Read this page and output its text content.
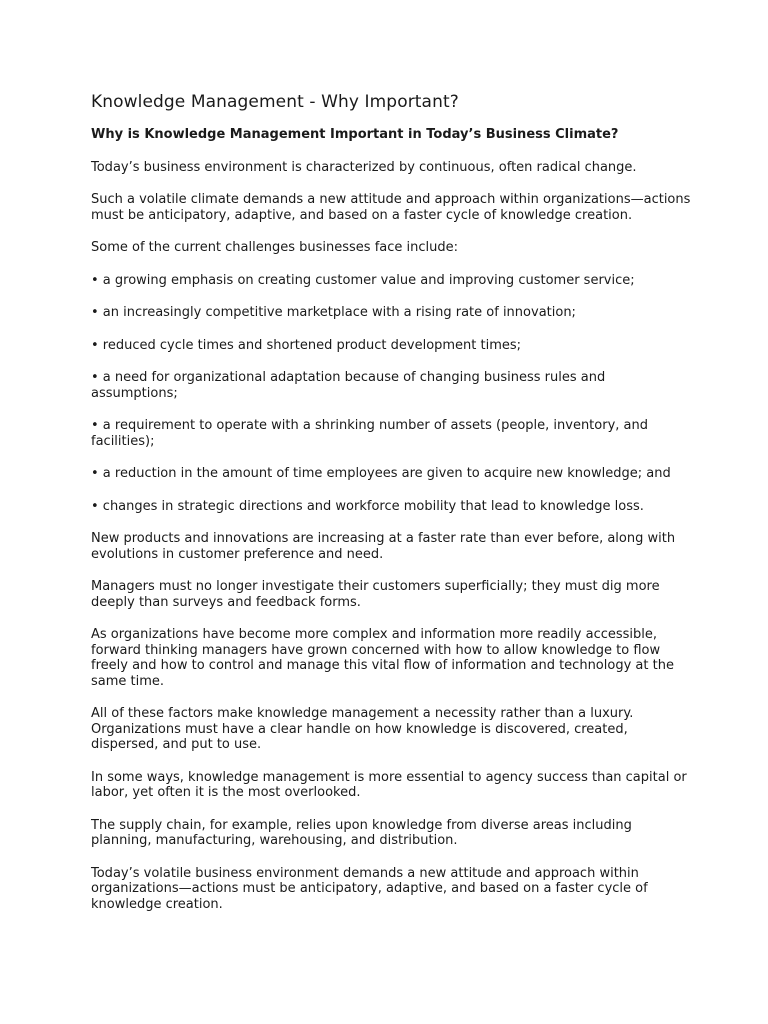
Knowledge Management - Why Important?

Why is Knowledge Management Important in Today’s Business Climate?

Today’s business environment is characterized by continuous, often radical change.

Such a volatile climate demands a new attitude and approach within organizations—actions must be anticipatory, adaptive, and based on a faster cycle of knowledge creation.

Some of the current challenges businesses face include:

• a growing emphasis on creating customer value and improving customer service;

• an increasingly competitive marketplace with a rising rate of innovation;

• reduced cycle times and shortened product development times;

• a need for organizational adaptation because of changing business rules and assumptions;

• a requirement to operate with a shrinking number of assets (people, inventory, and facilities);

• a reduction in the amount of time employees are given to acquire new knowledge; and

• changes in strategic directions and workforce mobility that lead to knowledge loss.

New products and innovations are increasing at a faster rate than ever before, along with evolutions in customer preference and need.

Managers must no longer investigate their customers superficially; they must dig more deeply than surveys and feedback forms.

As organizations have become more complex and information more readily accessible, forward thinking managers have grown concerned with how to allow knowledge to flow freely and how to control and manage this vital flow of information and technology at the same time.

All of these factors make knowledge management a necessity rather than a luxury. Organizations must have a clear handle on how knowledge is discovered, created, dispersed, and put to use.

In some ways, knowledge management is more essential to agency success than capital or labor, yet often it is the most overlooked.

The supply chain, for example, relies upon knowledge from diverse areas including planning, manufacturing, warehousing, and distribution.

Today’s volatile business environment demands a new attitude and approach within organizations—actions must be anticipatory, adaptive, and based on a faster cycle of knowledge creation.
